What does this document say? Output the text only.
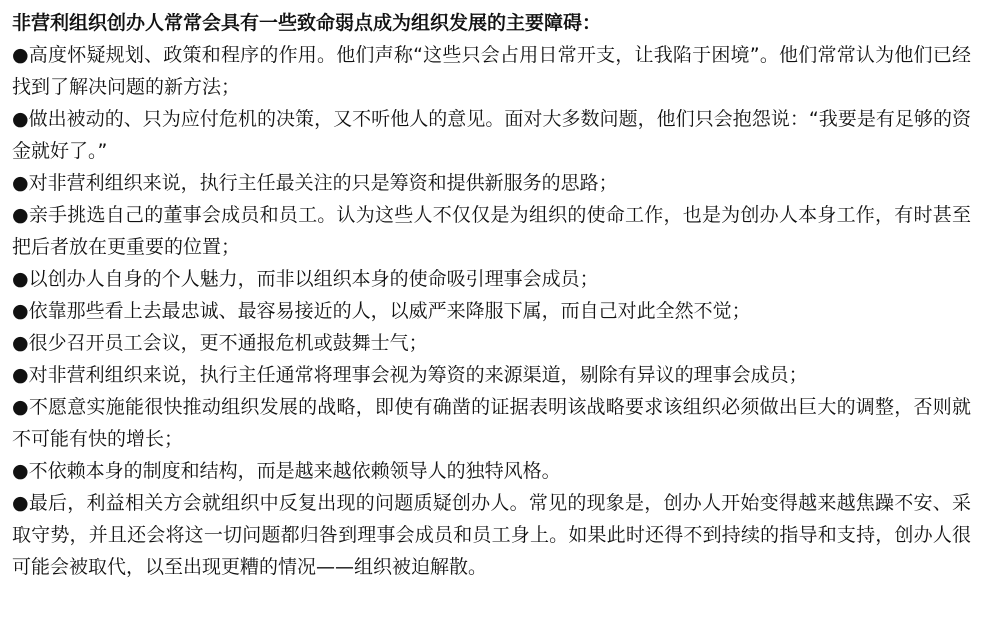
非营利组织创办人常常会具有一些致命弱点成为组织发展的主要障碍：

●高度怀疑规划、政策和程序的作用。他们声称“这些只会占用日常开支，让我陷于困境”。他们常常认为他们已经找到了解决问题的新方法；

●做出被动的、只为应付危机的决策，又不听他人的意见。面对大多数问题，他们只会抱怨说：“我要是有足够的资金就好了。”

●对非营利组织来说，执行主任最关注的只是筹资和提供新服务的思路；

●亲手挑选自己的董事会成员和员工。认为这些人不仅仅是为组织的使命工作，也是为创办人本身工作，有时甚至把后者放在更重要的位置；

●以创办人自身的个人魅力，而非以组织本身的使命吸引理事会成员；

●依靠那些看上去最忠诚、最容易接近的人，以威严来降服下属，而自己对此全然不觉；

●很少召开员工会议，更不通报危机或鼓舞士气；

●对非营利组织来说，执行主任通常将理事会视为筹资的来源渠道，剔除有异议的理事会成员；

●不愿意实施能很快推动组织发展的战略，即使有确凿的证据表明该战略要求该组织必须做出巨大的调整，否则就不可能有快的增长；

●不依赖本身的制度和结构，而是越来越依赖领导人的独特风格。

●最后，利益相关方会就组织中反复出现的问题质疑创办人。常见的现象是，创办人开始变得越来越焦躁不安、采取守势，并且还会将这一切问题都归咎到理事会成员和员工身上。如果此时还得不到持续的指导和支持，创办人很可能会被取代，以至出现更糟的情况——组织被迫解散。
